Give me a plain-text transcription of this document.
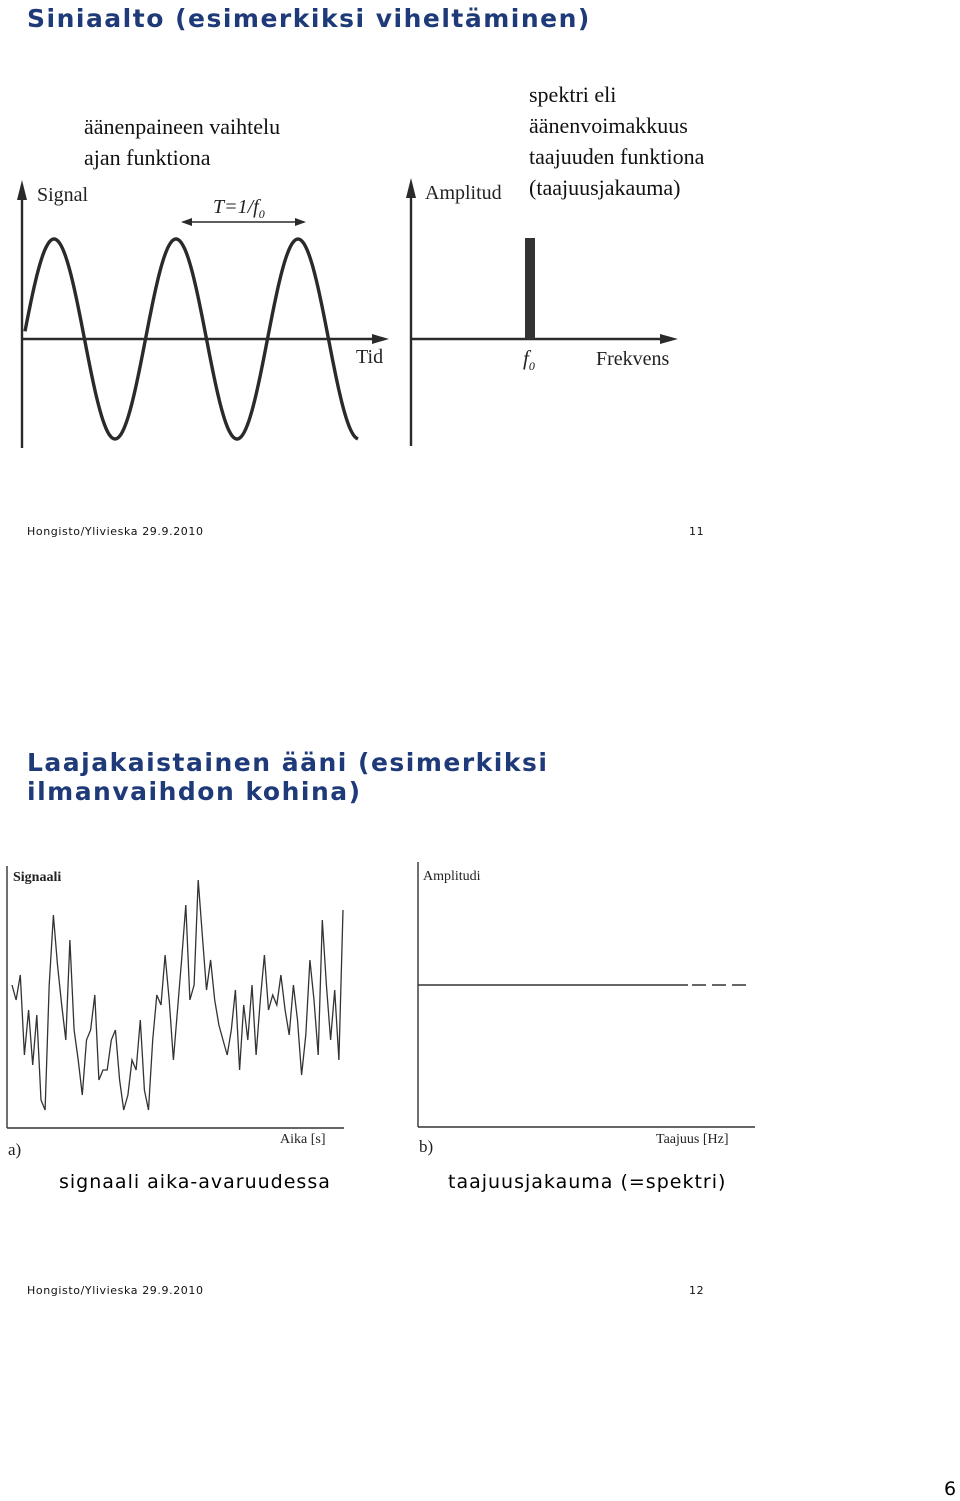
Siniaalto (esimerkiksi viheltäminen)
äänenpaineen vaihtelu
ajan funktiona
spektri eli
äänenvoimakkuus
taajuuden funktiona
(taajuusjakauma)
Signal
Tid
$T=1/f_0$
Amplitud
Frekvens
$f_0$
Hongisto/Ylivieska 29.9.2010	11
Laajakaistainen ääni (esimerkiksi
ilmanvaihdon kohina)
Signaali
Aika [s]
a)
Amplitudi
Taajuus [Hz]
b)
signaali aika-avaruudessa	taajuusjakauma (=spektri)
Hongisto/Ylivieska 29.9.2010	12
6
